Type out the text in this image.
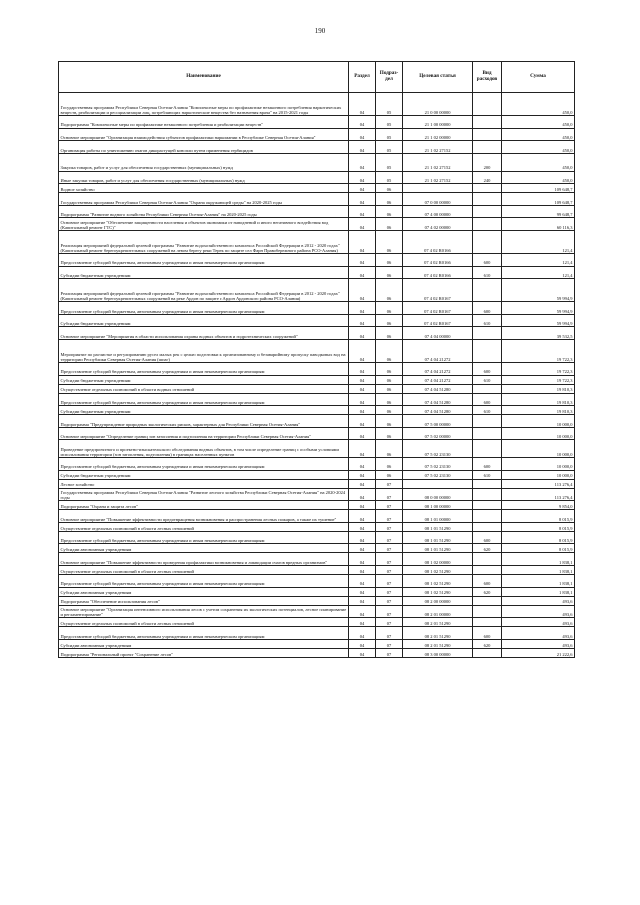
190
Наименование	Раздел	Подраз-дел	Целевая статья	Вид расходов	Сумма
Государственная программа Республики Северная Осетия-Алания "Комплексные меры по профилактике незаконного потребления наркотических веществ, реабилитации и ресоциализации лиц, потребляющих наркотические вещества без назначения врача" на 2015-2021 годы	04	05	21 0 00 00000		450,0
Подпрограмма "Комплексные меры по профилактике незаконного потребления и реабилитации веществ"	04	05	21 1 00 00000		450,0
Основное мероприятие "Организация взаимодействия субъектов профилактики наркомании в Республике Северная Осетия-Алания"	04	05	21 1 02 00000		450,0
Организация работы по уничтожению очагов дикорастущей конопли путем применения гербицидов	04	05	21 1 02 27152		450,0
Закупка товаров, работ и услуг для обеспечения государственных (муниципальных) нужд	04	05	21 1 02 27152	200	450,0
Иные закупки товаров, работ и услуг для обеспечения государственных (муниципальных) нужд	04	05	21 1 02 27152	240	450,0
Водное хозяйство	04	06			109 648,7
Государственная программа Республики Северная Осетия-Алания "Охрана окружающей среды" на 2020-2025 годы	04	06	07 0 00 00000		109 648,7
Подпрограмма "Развитие водного хозяйства Республики Северная Осетия-Алания" на 2020-2025 годы	04	06	07 4 00 00000		99 648,7
Основное мероприятие "Обеспечение защищенности населения и объектов экономики от наводнений и иного негативного воздействия вод (Капитальный ремонт ГТС)"	04	06	07 4 02 00000		60 116,3
Реализация мероприятий федеральной целевой программы "Развитие водохозяйственного комплекса Российской Федерации в 2012 - 2020 годах" (Капитальный ремонт берегоукрепительных сооружений на левом берегу реки Терек по защите сел Фарн Правобережного района РСО-Алания)	04	06	07 4 02 R0166		121,4
Предоставление субсидий бюджетным, автономным учреждениям и иным некоммерческим организациям	04	06	07 4 02 R0166	600	121,4
Субсидии бюджетным учреждениям	04	06	07 4 02 R0166	610	121,4
Реализация мероприятий федеральной целевой программы "Развитие водохозяйственного комплекса Российской Федерации в 2012 - 2020 годах" (Капитальный ремонт берегоукрепительных сооружений на реке Ардон по защите г.Ардон Ардонского района РСО-Алания)	04	06	07 4 02 R0167		59 994,9
Предоставление субсидий бюджетным, автономным учреждениям и иным некоммерческим организациям	04	06	07 4 02 R0167	600	59 994,9
Субсидии бюджетным учреждениям	04	06	07 4 02 R0167	610	59 994,9
Основное мероприятие "Мероприятия в области использования охраны водных объектов и гидротехнических сооружений"	04	06	07 4 04 00000		39 532,5
Мероприятие по расчистке и регулированию русел малых рек с целью подготовки к организованному и безаварийному пропуску паводковых вод на территории Республики Северная Осетия-Алания (шпаг)	04	06	07 4 04 21272		19 722,3
Предоставление субсидий бюджетным, автономным учреждениям и иным некоммерческим организациям	04	06	07 4 04 21272	600	19 722,3
Субсидии бюджетным учреждениям	04	06	07 4 04 21272	610	19 722,3
Осуществление отдельных полномочий в области водных отношений	04	06	07 4 04 51280		19 810,3
Предоставление субсидий бюджетным, автономным учреждениям и иным некоммерческим организациям	04	06	07 4 04 51280	600	19 810,3
Субсидии бюджетным учреждениям	04	06	07 4 04 51280	610	19 810,3
Подпрограмма "Предупреждение природных экологических рисков, характерных для Республики Северная Осетия-Алания"	04	06	07 5 00 00000		10 000,0
Основное мероприятие "Определение границ зон затопления и подтопления на территории Республики Северная Осетия-Алания"	04	06	07 5 02 00000		10 000,0
Проведение предпроектного и проектно-изыскательского обследования водных объектов, в том числе определение границ с особыми условиями использования территории (зон затопления, подтопления) в границах населенных пунктов	04	06	07 5 02 23130		10 000,0
Предоставление субсидий бюджетным, автономным учреждениям и иным некоммерческим организациям	04	06	07 5 02 23130	600	10 000,0
Субсидии бюджетным учреждениям	04	06	07 5 02 23130	610	10 000,0
Лесное хозяйство	04	07			113 276,4
Государственная программа Республики Северная Осетия-Алания "Развитие лесного хозяйства Республики Северная Осетия-Алания" на 2020-2024 годы	04	07	08 0 00 00000		113 276,4
Подпрограмма "Охрана и защита лесов"	04	07	08 1 00 00000		9 854,0
Основное мероприятие "Повышение эффективности предотвращения возникновения и распространения лесных пожаров, а также их тушение"	04	07	08 1 01 00000		8 015,9
Осуществление отдельных полномочий в области лесных отношений	04	07	08 1 01 51290		8 015,9
Предоставление субсидий бюджетным, автономным учреждениям и иным некоммерческим организациям	04	07	08 1 01 51290	600	8 015,9
Субсидии автономным учреждениям	04	07	08 1 01 51290	620	8 015,9
Основное мероприятие "Повышение эффективности проведения профилактики возникновения и ликвидации очагов вредных организмов"	04	07	08 1 02 00000		1 838,1
Осуществление отдельных полномочий в области лесных отношений	04	07	08 1 02 51290		1 838,1
Предоставление субсидий бюджетным, автономным учреждениям и иным некоммерческим организациям	04	07	08 1 02 51290	600	1 838,1
Субсидии автономным учреждениям	04	07	08 1 02 51290	620	1 838,1
Подпрограмма "Обеспечение использования лесов"	04	07	08 2 00 00000		493,6
Основное мероприятие "Организация интенсивного использования лесов с учетом сохранения их экологических потенциалов, лесное планирование и регламентирование"	04	07	08 2 01 00000		493,6
Осуществление отдельных полномочий в области лесных отношений	04	07	08 2 01 51290		493,6
Предоставление субсидий бюджетным, автономным учреждениям и иным некоммерческим организациям	04	07	08 2 01 51290	600	493,6
Субсидии автономным учреждениям	04	07	08 2 01 51290	620	493,6
Подпрограмма "Региональный проект "Сохранение лесов"	04	07	08 3 00 00000		21 222,6
